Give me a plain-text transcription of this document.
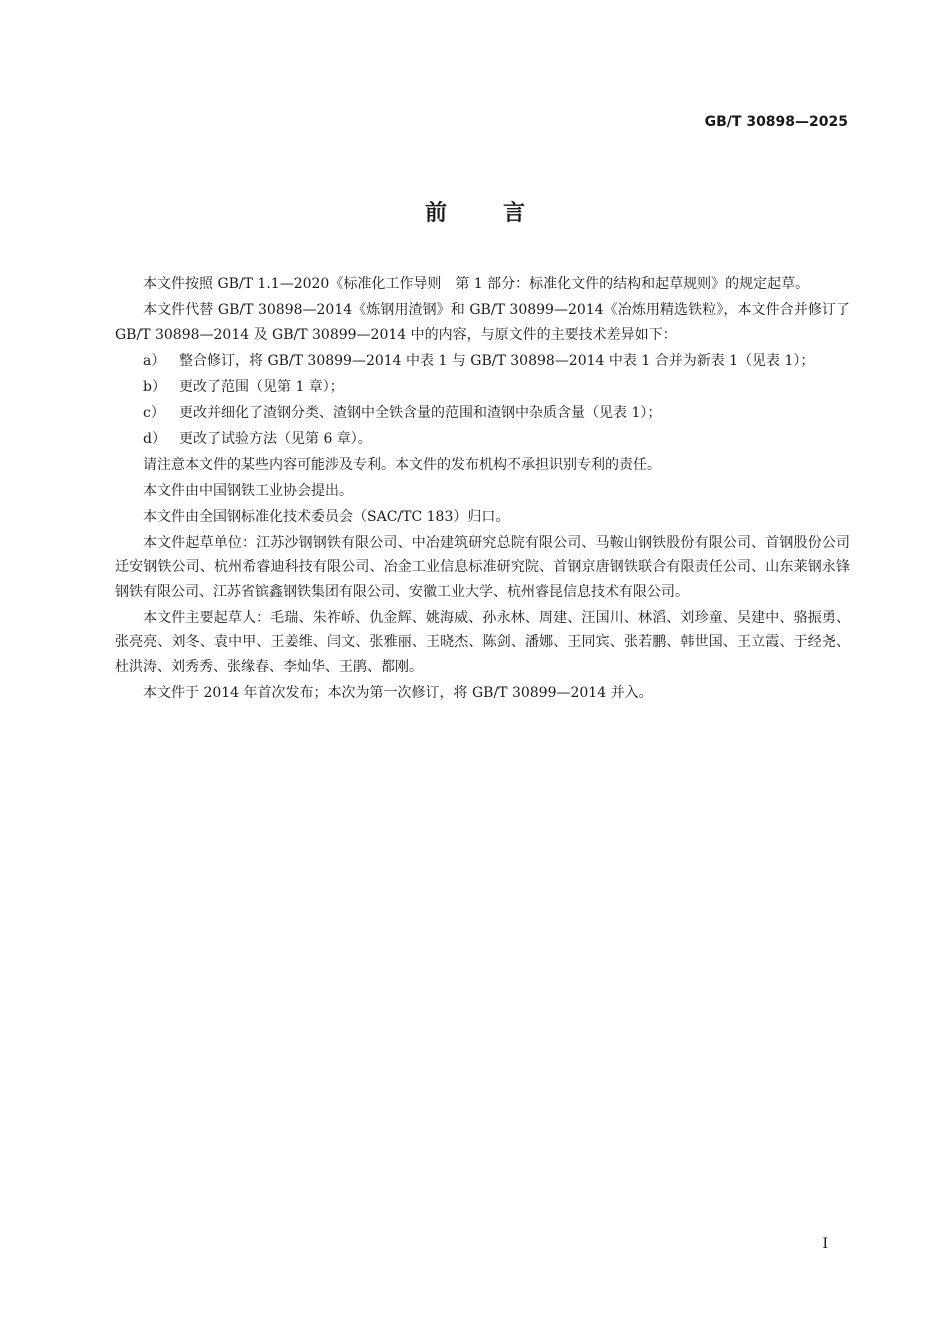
GB/T 30898—2025
前言

本文件按照 GB/T 1.1—2020《标准化工作导则　第 1 部分：标准化文件的结构和起草规则》的规定起草。

本文件代替 GB/T 30898—2014《炼钢用渣钢》和 GB/T 30899—2014《冶炼用精选铁粒》，本文件合并修订了 GB/T 30898—2014 及 GB/T 30899—2014 中的内容，与原文件的主要技术差异如下：

a） 整合修订，将 GB/T 30899—2014 中表 1 与 GB/T 30898—2014 中表 1 合并为新表 1（见表 1）；
b） 更改了范围（见第 1 章）；
c）	更改并细化了渣钢分类、渣钢中全铁含量的范围和渣钢中杂质含量（见表 1）；
d） 更改了试验方法（见第 6 章）。

请注意本文件的某些内容可能涉及专利。本文件的发布机构不承担识别专利的责任。

本文件由中国钢铁工业协会提出。

本文件由全国钢标准化技术委员会（SAC/TC 183）归口。

本文件起草单位：江苏沙钢钢铁有限公司、中冶建筑研究总院有限公司、马鞍山钢铁股份有限公司、首钢股份公司迁安钢铁公司、杭州希睿迪科技有限公司、冶金工业信息标准研究院、首钢京唐钢铁联合有限责任公司、山东莱钢永锋钢铁有限公司、江苏省镔鑫钢铁集团有限公司、安徽工业大学、杭州睿昆信息技术有限公司。

本文件主要起草人：毛瑞、朱祚峤、仇金辉、姚海威、孙永林、周建、汪国川、林滔、刘珍童、吴建中、骆振勇、张亮亮、刘冬、袁中甲、王姜维、闫文、张雅丽、王晓杰、陈剑、潘娜、王同宾、张若鹏、韩世国、王立霞、于经尧、杜洪涛、刘秀秀、张缘春、李灿华、王鹃、都刚。

本文件于 2014 年首次发布；本次为第一次修订，将 GB/T 30899—2014 并入。

I
